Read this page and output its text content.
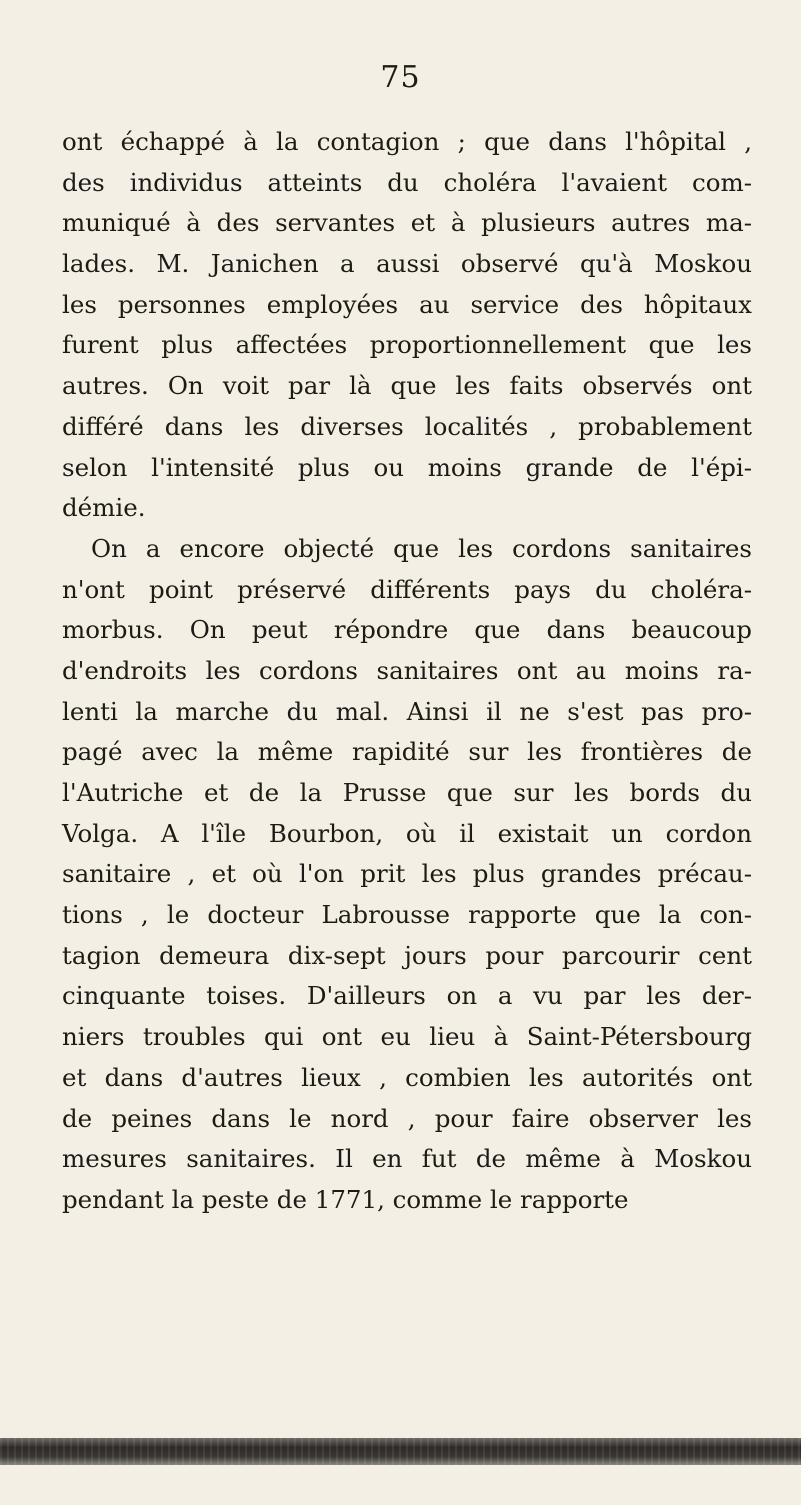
75
ont échappé à la contagion ; que dans l'hôpital ,
des individus atteints du choléra l'avaient com-
muniqué à des servantes et à plusieurs autres ma-
lades. M. Janichen a aussi observé qu'à Moskou
les personnes employées au service des hôpitaux
furent plus affectées proportionnellement que les
autres. On voit par là que les faits observés ont
différé dans les diverses localités , probablement
selon l'intensité plus ou moins grande de l'épi-
démie.
On a encore objecté que les cordons sanitaires
n'ont point préservé différents pays du choléra-
morbus. On peut répondre que dans beaucoup
d'endroits les cordons sanitaires ont au moins ra-
lenti la marche du mal. Ainsi il ne s'est pas pro-
pagé avec la même rapidité sur les frontières de
l'Autriche et de la Prusse que sur les bords du
Volga. A l'île Bourbon, où il existait un cordon
sanitaire , et où l'on prit les plus grandes précau-
tions , le docteur Labrousse rapporte que la con-
tagion demeura dix-sept jours pour parcourir cent
cinquante toises. D'ailleurs on a vu par les der-
niers troubles qui ont eu lieu à Saint-Pétersbourg
et dans d'autres lieux , combien les autorités ont
de peines dans le nord , pour faire observer les
mesures sanitaires. Il en fut de même à Moskou
pendant la peste de 1771, comme le rapporte
